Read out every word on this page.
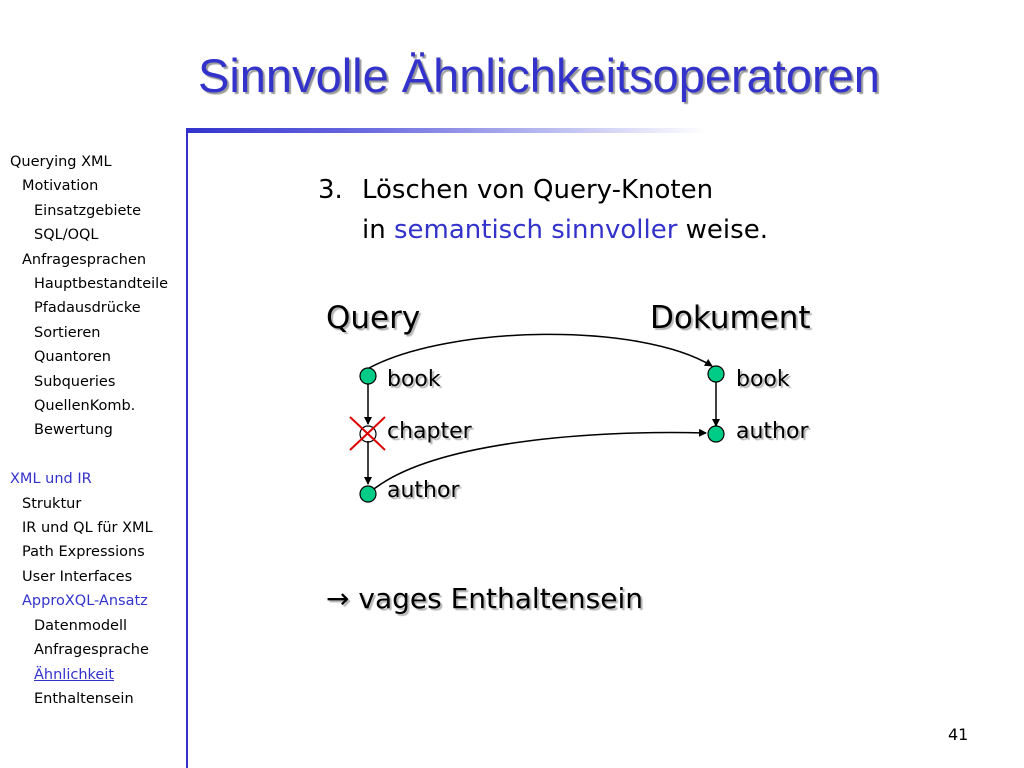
Sinnvolle Ähnlichkeitsoperatoren
Querying XML
Motivation
Einsatzgebiete
SQL/OQL
Anfragesprachen
Hauptbestandteile
Pfadausdrücke
Sortieren
Quantoren
Subqueries
QuellenKomb.
Bewertung
XML und IR
Struktur
IR und QL für XML
Path Expressions
User Interfaces
ApproXQL-Ansatz
Datenmodell
Anfragesprache
Ähnlichkeit
Enthaltensein
3. Löschen von Query-Knoten
in semantisch sinnvoller weise.
Query	Dokument
book
chapter
author
book
author
→ vages Enthaltensein
41
